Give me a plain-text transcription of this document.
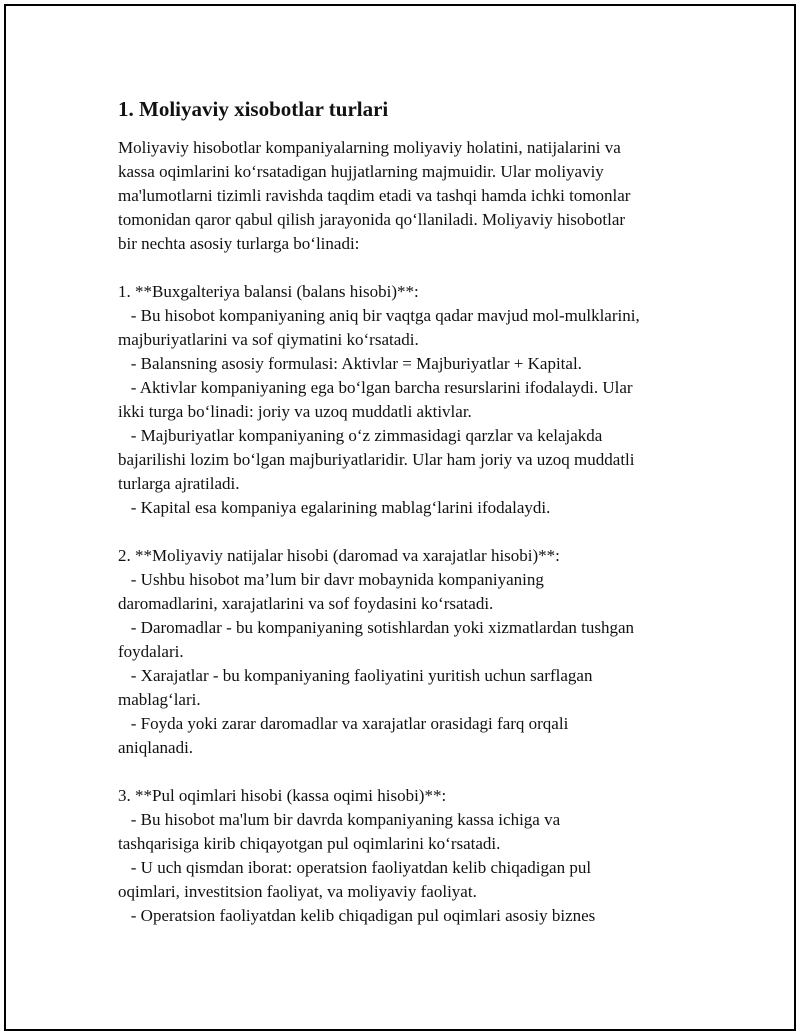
1. Moliyaviy xisobotlar turlari

Moliyaviy hisobotlar kompaniyalarning moliyaviy holatini, natijalarini va

kassa oqimlarini ko‘rsatadigan hujjatlarning majmuidir. Ular moliyaviy

ma'lumotlarni tizimli ravishda taqdim etadi va tashqi hamda ichki tomonlar

tomonidan qaror qabul qilish jarayonida qo‘llaniladi. Moliyaviy hisobotlar

bir nechta asosiy turlarga bo‘linadi:

1. **Buxgalteriya balansi (balans hisobi)**:

- Bu hisobot kompaniyaning aniq bir vaqtga qadar mavjud mol-mulklarini,

majburiyatlarini va sof qiymatini ko‘rsatadi.

- Balansning asosiy formulasi: Aktivlar = Majburiyatlar + Kapital.

- Aktivlar kompaniyaning ega bo‘lgan barcha resurslarini ifodalaydi. Ular

ikki turga bo‘linadi: joriy va uzoq muddatli aktivlar.

- Majburiyatlar kompaniyaning o‘z zimmasidagi qarzlar va kelajakda

bajarilishi lozim bo‘lgan majburiyatlaridir. Ular ham joriy va uzoq muddatli

turlarga ajratiladi.

- Kapital esa kompaniya egalarining mablag‘larini ifodalaydi.

2. **Moliyaviy natijalar hisobi (daromad va xarajatlar hisobi)**:

- Ushbu hisobot ma’lum bir davr mobaynida kompaniyaning

daromadlarini, xarajatlarini va sof foydasini ko‘rsatadi.

- Daromadlar - bu kompaniyaning sotishlardan yoki xizmatlardan tushgan

foydalari.

- Xarajatlar - bu kompaniyaning faoliyatini yuritish uchun sarflagan

mablag‘lari.

- Foyda yoki zarar daromadlar va xarajatlar orasidagi farq orqali

aniqlanadi.

3. **Pul oqimlari hisobi (kassa oqimi hisobi)**:

- Bu hisobot ma'lum bir davrda kompaniyaning kassa ichiga va

tashqarisiga kirib chiqayotgan pul oqimlarini ko‘rsatadi.

- U uch qismdan iborat: operatsion faoliyatdan kelib chiqadigan pul

oqimlari, investitsion faoliyat, va moliyaviy faoliyat.

- Operatsion faoliyatdan kelib chiqadigan pul oqimlari asosiy biznes
